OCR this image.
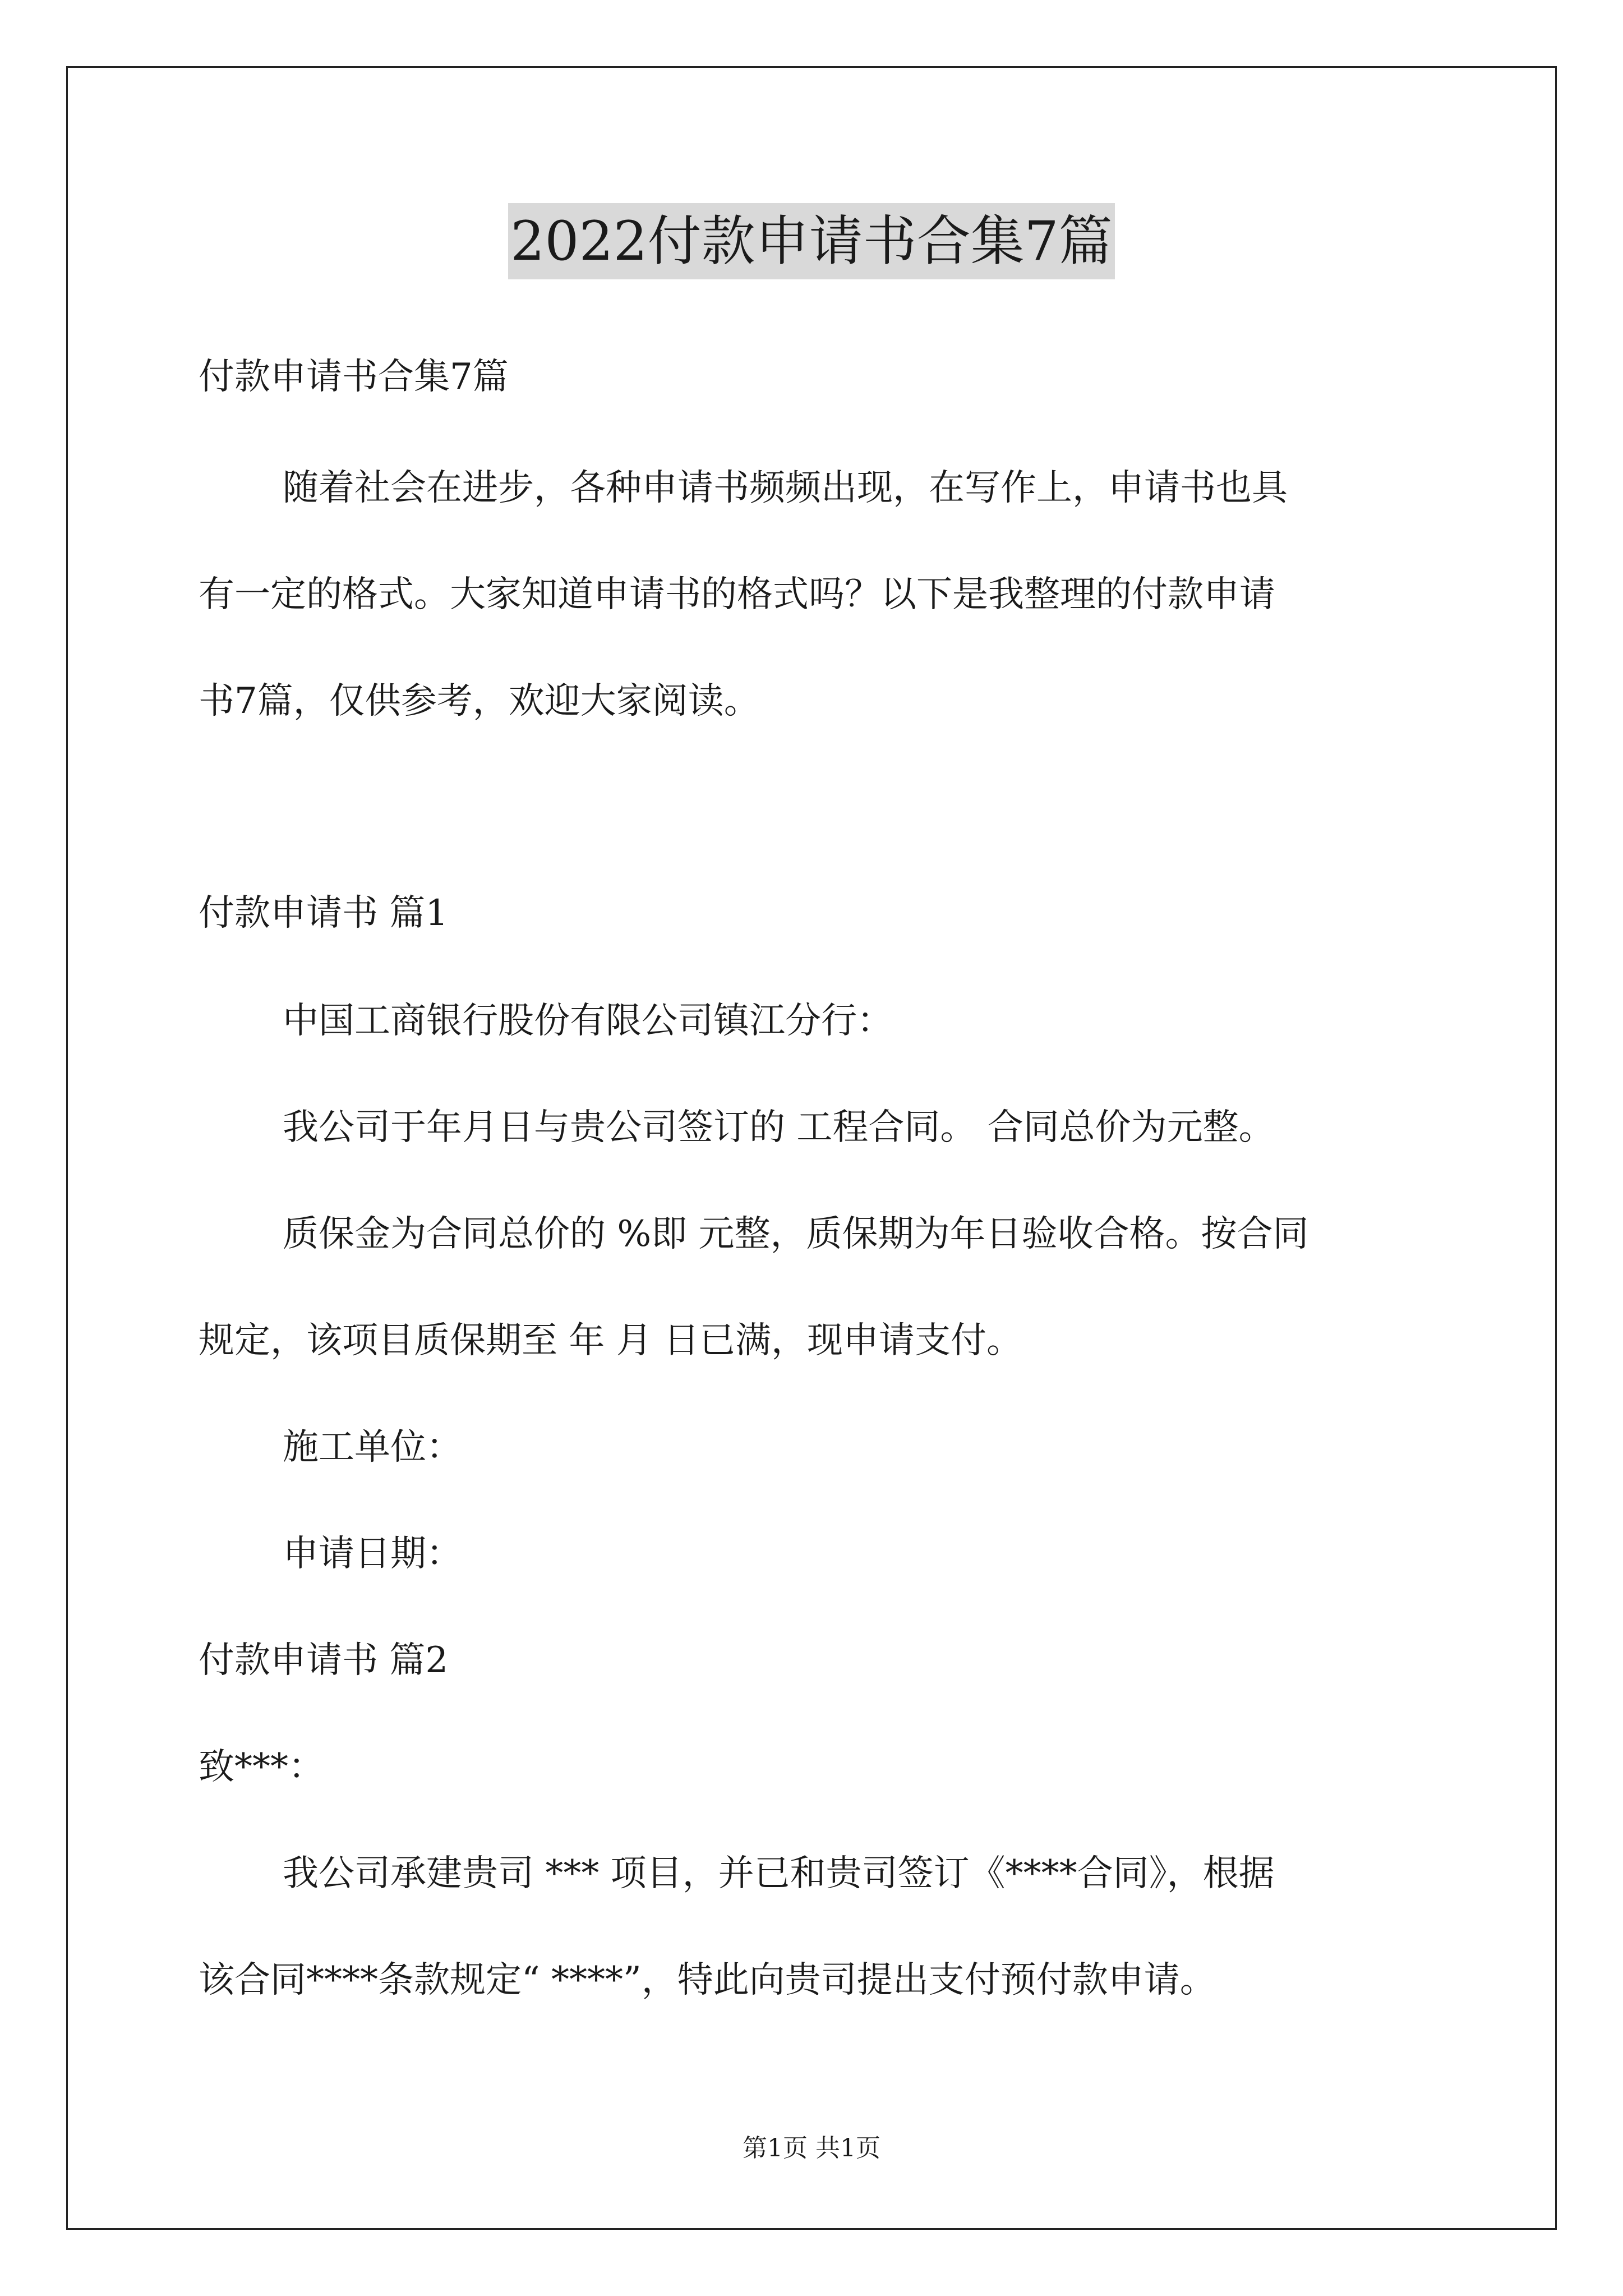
2022付款申请书合集7篇
付款申请书合集7篇
随着社会在进步，各种申请书频频出现，在写作上，申请书也具
有一定的格式。大家知道申请书的格式吗？以下是我整理的付款申请
书7篇，仅供参考，欢迎大家阅读。
付款申请书 篇1
中国工商银行股份有限公司镇江分行：
我公司于年月日与贵公司签订的 工程合同。 合同总价为元整。
质保金为合同总价的 %即 元整，质保期为年日验收合格。按合同
规定，该项目质保期至 年 月 日已满，现申请支付。
施工单位：
申请日期：
付款申请书 篇2
致***：
我公司承建贵司 *** 项目，并已和贵司签订《****合同》，根据
该合同****条款规定“ ****”，特此向贵司提出支付预付款申请。
第1页 共1页
